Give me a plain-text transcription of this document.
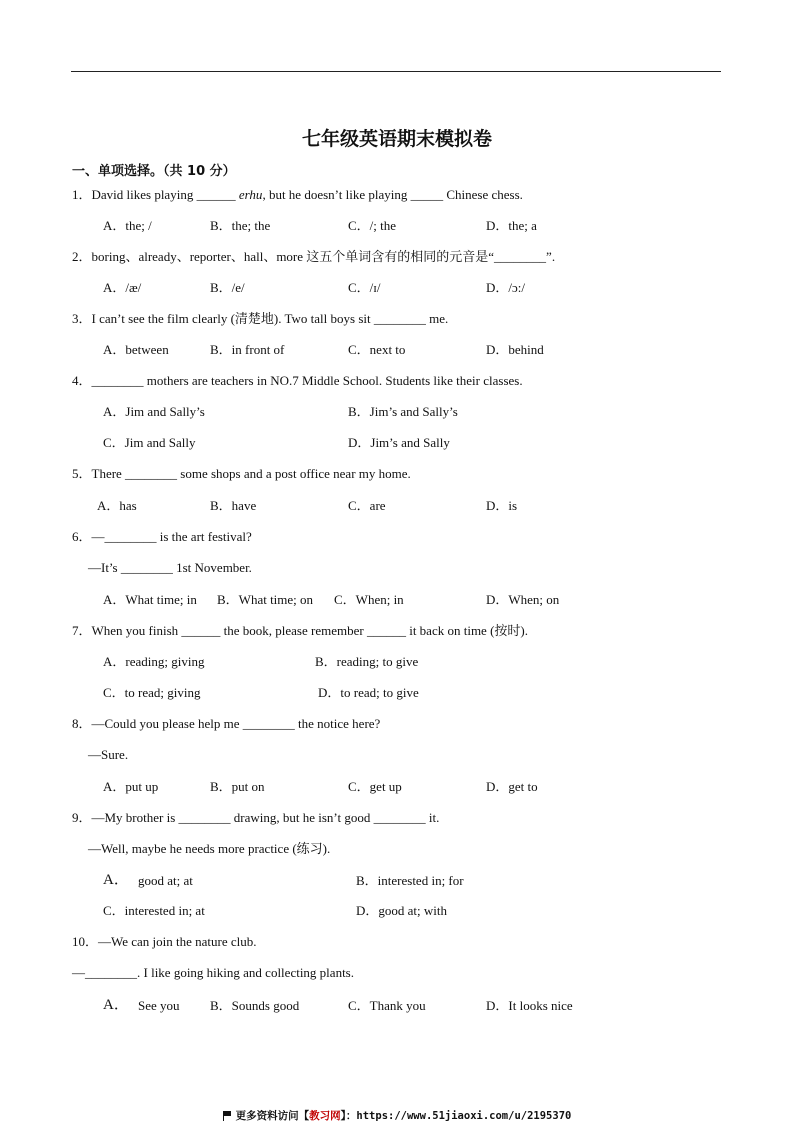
七年级英语期末模拟卷
一、单项选择。（共 10 分）
1．David likes playing ______ erhu, but he doesn’t like playing _____ Chinese chess.
A．the; /	B．the; the	C．/; the	D．the; a
2．boring、already、reporter、hall、more 这五个单词含有的相同的元音是“________”.
A．/æ/	B．/e/	C．/ɪ/	D．/ɔ:/
3．I can’t see the film clearly (清楚地). Two tall boys sit ________ me.
A．between	B．in front of	C．next to	D．behind
4．________ mothers are teachers in NO.7 Middle School. Students like their classes.
A．Jim and Sally’s	B．Jim’s and Sally’s
C．Jim and Sally	D．Jim’s and Sally
5．There ________ some shops and a post office near my home.
A．has	B．have	C．are	D．is
6．—________ is the art festival?
—It’s ________ 1st November.
A．What time; in B．What time; on C．When; in	D．When; on
7．When you finish ______ the book, please remember ______ it back on time (按时).
A．reading; giving	B．reading; to give
C．to read; giving	D．to read; to give
8．—Could you please help me ________ the notice here?
—Sure.
A．put up	B．put on	C．get up	D．get to
9．—My brother is ________ drawing, but he isn’t good ________ it.
—Well, maybe he needs more practice (练习).
A． good at; at	B．interested in; for
C．interested in; at	D．good at; with
10．—We can join the nature club.
—________. I like going hiking and collecting plants.
A． See you B．Sounds good	C．Thank you	D．It looks nice
更多资料访问【教习网】：https://www.51jiaoxi.com/u/2195370
